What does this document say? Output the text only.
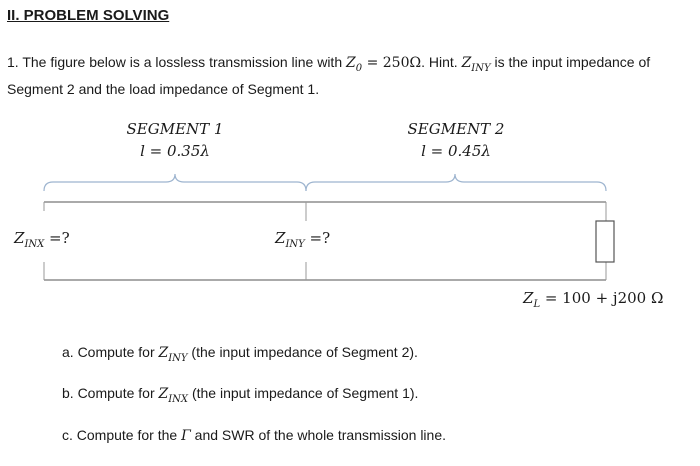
II. PROBLEM SOLVING
1. The figure below is a lossless transmission line with $Z_0 = 250\Omega$. Hint. $Z_{INY}$ is the input impedance of Segment 2 and the load impedance of Segment 1.
SEGMENT 1
l = 0.35λ
SEGMENT 2
l = 0.45λ
$Z_{INX}$ =?	$Z_{INY}$ =?
$Z_L = 100 + j200$ Ω
a. Compute for $Z_{INY}$ (the input impedance of Segment 2).
b. Compute for $Z_{INX}$ (the input impedance of Segment 1).
c. Compute for the Γ and SWR of the whole transmission line.
